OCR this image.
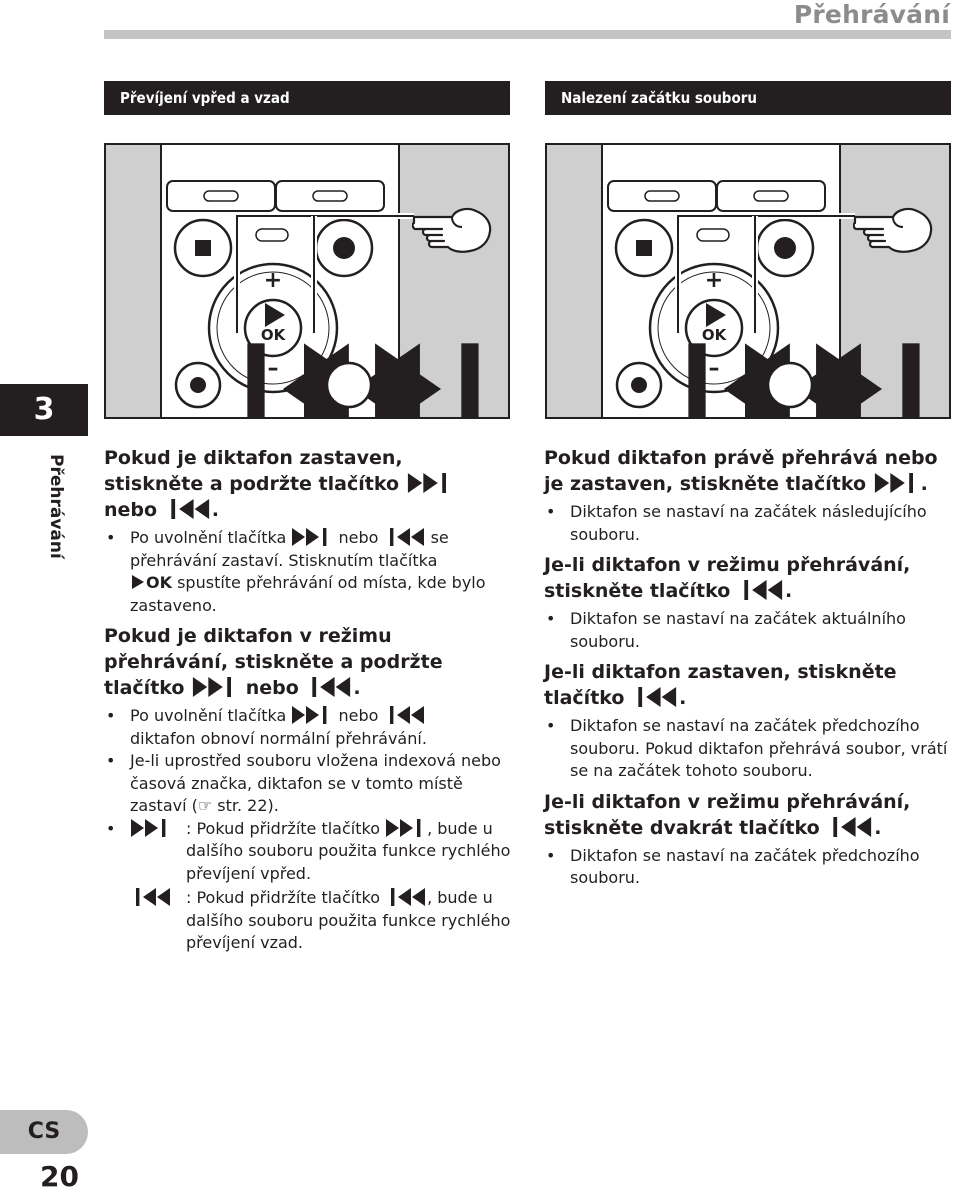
Přehrávání
Převíjení vpřed a vzad	Nalezení začátku souboru
3
Přehrávání Pokud je diktafon zastaven,
stiskněte a podržte tlačítko
nebo	.
• Po uvolnění tlačítka	nebo	se přehrávání zastaví. Stisknutím tlačítka
OK spustíte přehrávání od místa, kde bylo zastaveno.
Pokud je diktafon v režimu přehrávání, stiskněte a podržte tlačítko	nebo	.
• Po uvolnění tlačítka	nebo
diktafon obnoví normální přehrávání.
• Je-li uprostřed souboru vložena indexová nebo časová značka, diktafon se v tomto místě zastaví (☞ str. 22).
•	: Pokud přidržíte tlačítko	, bude u dalšího souboru použita funkce rychlého převíjení vpřed.
: Pokud přidržíte tlačítko	, bude u dalšího souboru použita funkce rychlého převíjení vzad.
Pokud diktafon právě přehrává nebo je zastaven, stiskněte tlačítko	.
• Diktafon se nastaví na začátek následujícího souboru.
Je-li diktafon v režimu přehrávání, stiskněte tlačítko	.
• Diktafon se nastaví na začátek aktuálního souboru.
Je-li diktafon zastaven, stiskněte tlačítko	.
• Diktafon se nastaví na začátek předchozího souboru. Pokud diktafon přehrává soubor, vrátí se na začátek tohoto souboru.
Je-li diktafon v režimu přehrávání, stiskněte dvakrát tlačítko	.
• Diktafon se nastaví na začátek předchozího souboru.
CS
20
